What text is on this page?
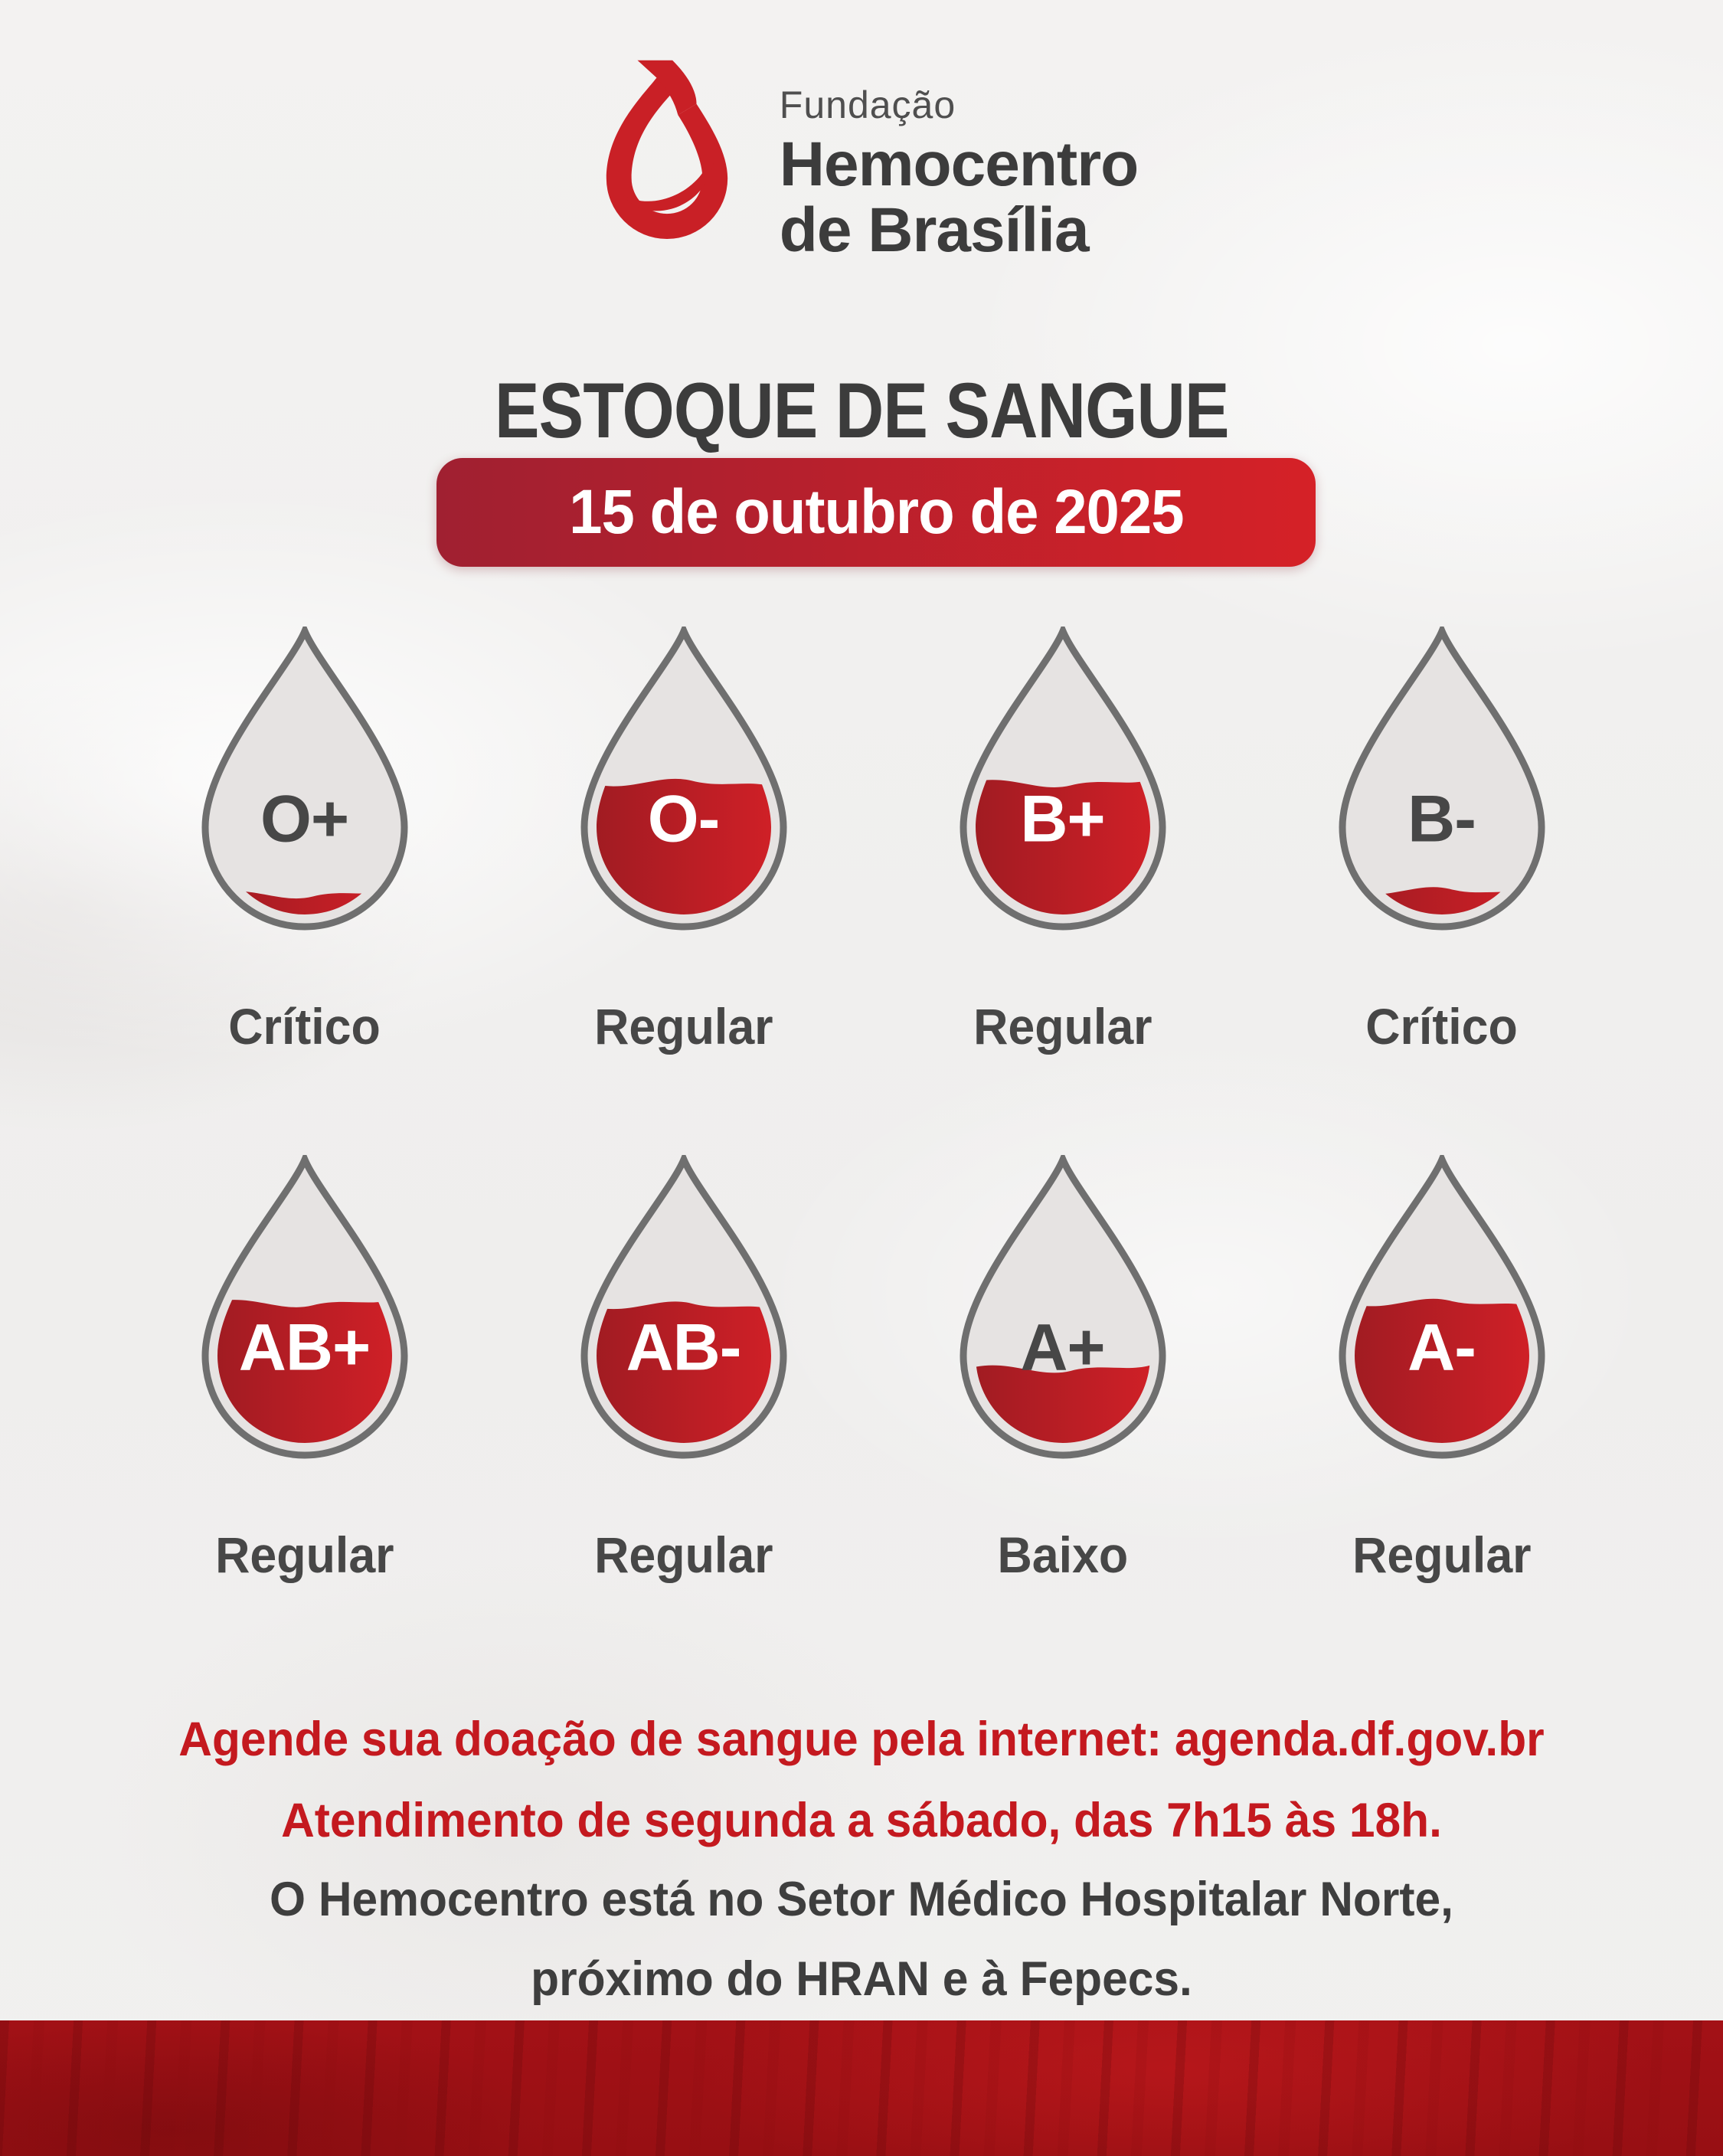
Fundação
Hemocentro
de Brasília
ESTOQUE DE SANGUE
15 de outubro de 2025
O+
Crítico
O-
Regular
B+
Regular
B-
Crítico
AB+
Regular
AB-
Regular
A+
Baixo
A-
Regular

Agende sua doação de sangue pela internet: agenda.df.gov.br
Atendimento de segunda a sábado, das 7h15 às 18h.

O Hemocentro está no Setor Médico Hospitalar Norte,
próximo do HRAN e à Fepecs.
